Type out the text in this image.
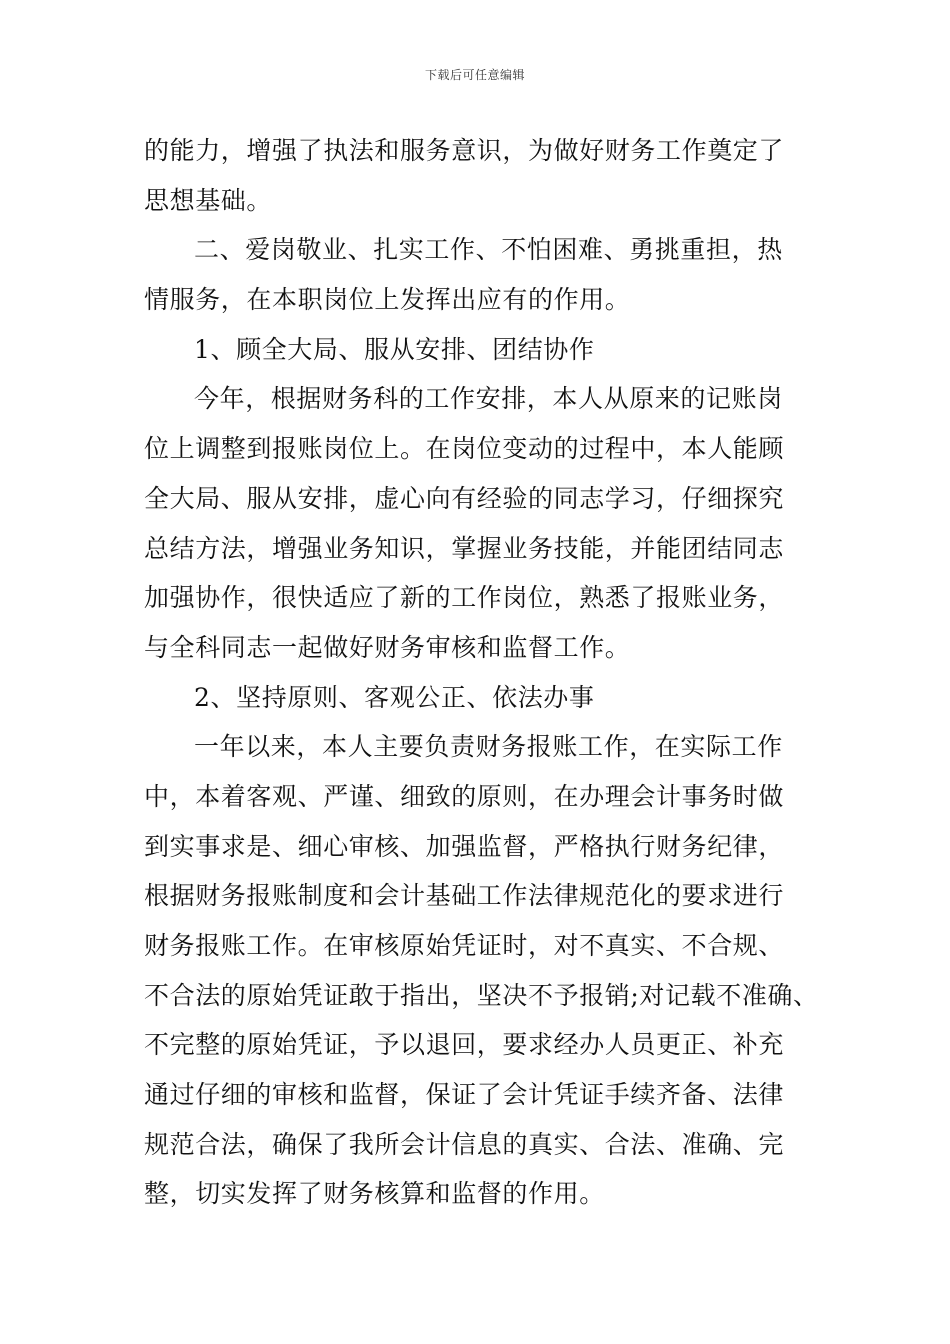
下载后可任意编辑
的能力，增强了执法和服务意识，为做好财务工作奠定了
思想基础。
二、爱岗敬业、扎实工作、不怕困难、勇挑重担，热
情服务，在本职岗位上发挥出应有的作用。
1、顾全大局、服从安排、团结协作
今年，根据财务科的工作安排，本人从原来的记账岗
位上调整到报账岗位上。在岗位变动的过程中，本人能顾
全大局、服从安排，虚心向有经验的同志学习，仔细探究
总结方法，增强业务知识，掌握业务技能，并能团结同志
加强协作，很快适应了新的工作岗位，熟悉了报账业务，
与全科同志一起做好财务审核和监督工作。
2、坚持原则、客观公正、依法办事
一年以来，本人主要负责财务报账工作，在实际工作
中，本着客观、严谨、细致的原则，在办理会计事务时做
到实事求是、细心审核、加强监督，严格执行财务纪律，
根据财务报账制度和会计基础工作法律规范化的要求进行
财务报账工作。在审核原始凭证时，对不真实、不合规、
不合法的原始凭证敢于指出，坚决不予报销;对记载不准确、
不完整的原始凭证，予以退回，要求经办人员更正、补充
通过仔细的审核和监督，保证了会计凭证手续齐备、法律
规范合法，确保了我所会计信息的真实、合法、准确、完
整，切实发挥了财务核算和监督的作用。
